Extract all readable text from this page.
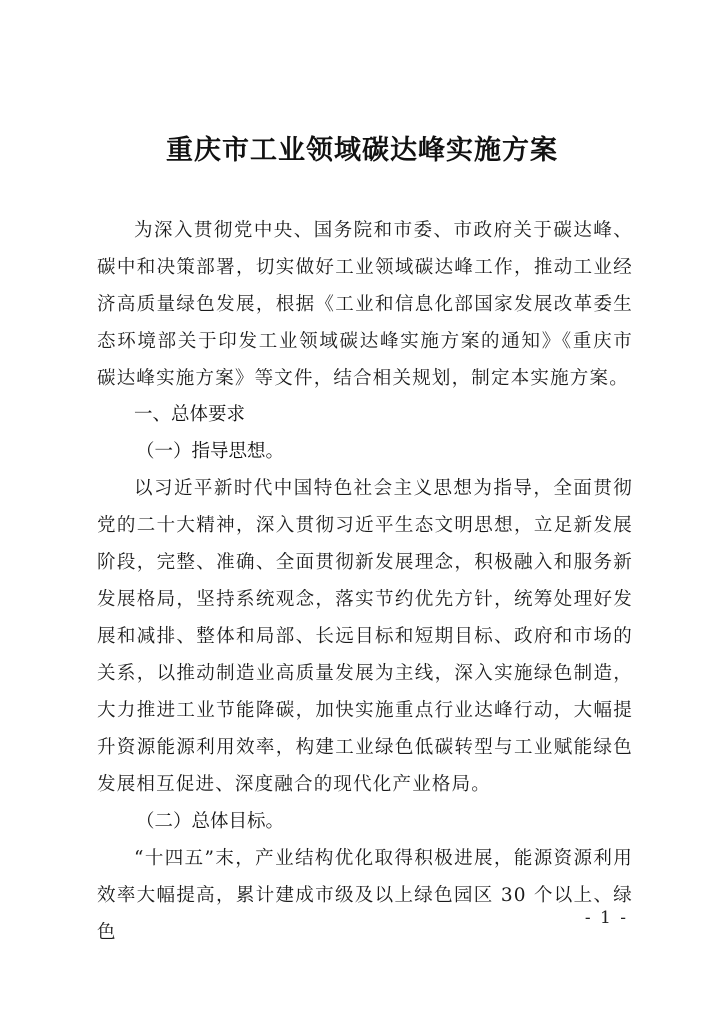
重庆市工业领域碳达峰实施方案

为深入贯彻党中央、国务院和市委、市政府关于碳达峰、碳中和决策部署，切实做好工业领域碳达峰工作，推动工业经济高质量绿色发展，根据《工业和信息化部国家发展改革委生态环境部关于印发工业领域碳达峰实施方案的通知》《重庆市碳达峰实施方案》等文件，结合相关规划，制定本实施方案。

一、总体要求
（一）指导思想。

以习近平新时代中国特色社会主义思想为指导，全面贯彻党的二十大精神，深入贯彻习近平生态文明思想，立足新发展阶段，完整、准确、全面贯彻新发展理念，积极融入和服务新发展格局，坚持系统观念，落实节约优先方针，统筹处理好发展和减排、整体和局部、长远目标和短期目标、政府和市场的关系，以推动制造业高质量发展为主线，深入实施绿色制造，大力推进工业节能降碳，加快实施重点行业达峰行动，大幅提升资源能源利用效率，构建工业绿色低碳转型与工业赋能绿色发展相互促进、深度融合的现代化产业格局。

（二）总体目标。

“十四五”末，产业结构优化取得积极进展，能源资源利用效率大幅提高，累计建成市级及以上绿色园区 30 个以上、绿色

- 1 -
